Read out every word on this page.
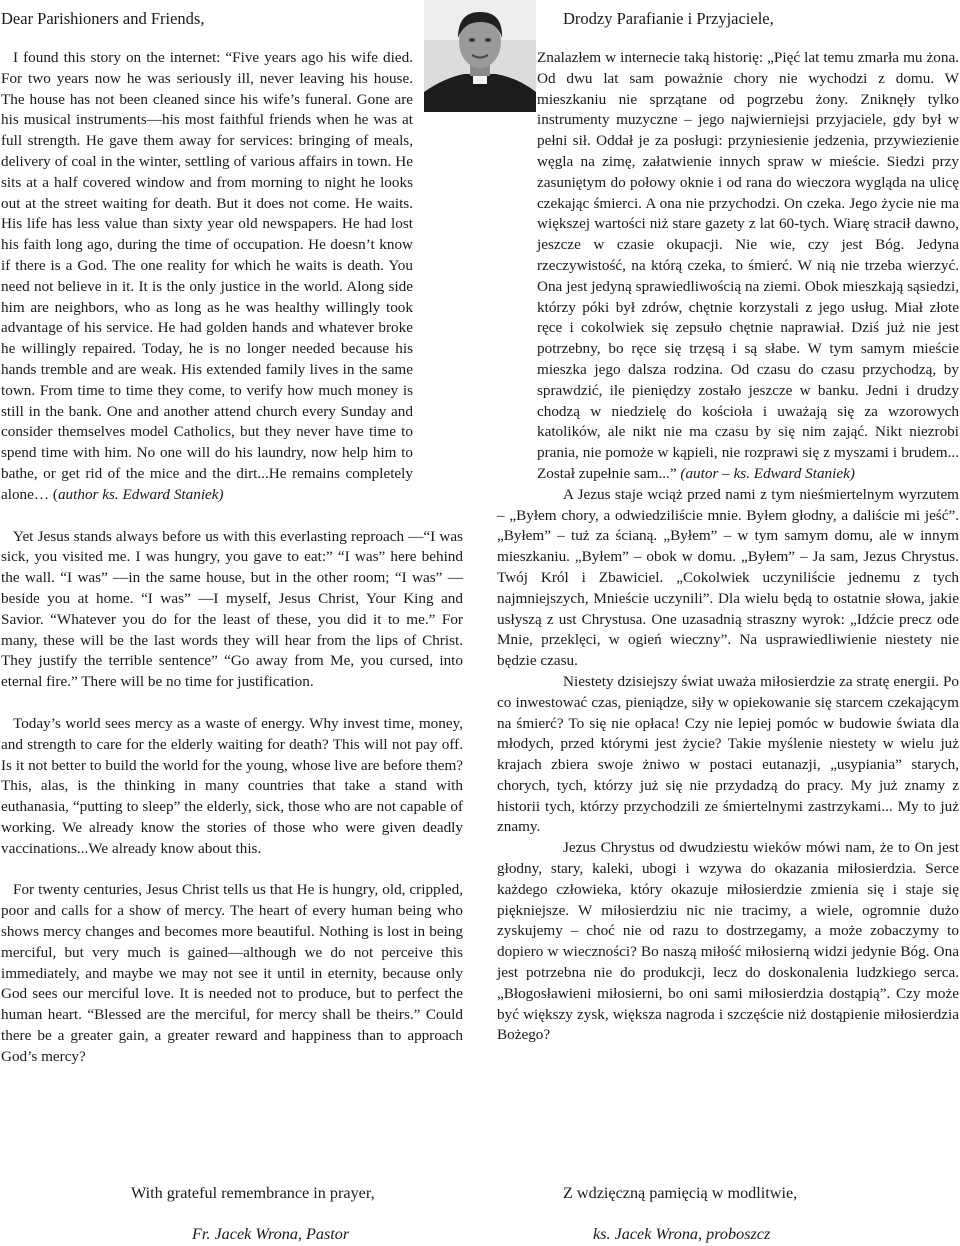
Dear Parishioners and Friends,

I found this story on the internet: “Five years ago his wife died. For two years now he was seriously ill, never leaving his house. The house has not been cleaned since his wife’s funeral. Gone are his musical instruments—his most faithful friends when he was at full strength. He gave them away for services: bringing of meals, delivery of coal in the winter, settling of various affairs in town. He sits at a half covered window and from morning to night he looks out at the street waiting for death. But it does not come. He waits. His life has less value than sixty year old newspapers. He had lost his faith long ago, during the time of occupation. He doesn’t know if there is a God. The one reality for which he waits is death. You need not believe in it. It is the only justice in the world. Along side him are neighbors, who as long as he was healthy willingly took advantage of his service. He had golden hands and whatever broke he willingly repaired. Today, he is no longer needed because his hands tremble and are weak. His extended family lives in the same town. From time to time they come, to verify how much money is still in the bank. One and another attend church every Sunday and consider themselves model Catholics, but they never have time to spend time with him. No one will do his laundry, now help him to bathe, or get rid of the mice and the dirt...He remains completely alone… (author ks. Edward Staniek)

Yet Jesus stands always before us with this everlasting reproach —“I was sick, you visited me. I was hungry, you gave to eat:” “I was” here behind the wall. “I was” —in the same house, but in the other room; “I was” —beside you at home. “I was” —I myself, Jesus Christ, Your King and Savior. “Whatever you do for the least of these, you did it to me.” For many, these will be the last words they will hear from the lips of Christ. They justify the terrible sentence” “Go away from Me, you cursed, into eternal fire.” There will be no time for justification.

Today’s world sees mercy as a waste of energy. Why invest time, money, and strength to care for the elderly waiting for death? This will not pay off. Is it not better to build the world for the young, whose live are before them? This, alas, is the thinking in many countries that take a stand with euthanasia, “putting to sleep” the elderly, sick, those who are not capable of working. We already know the stories of those who were given deadly vaccinations...We already know about this.

For twenty centuries, Jesus Christ tells us that He is hungry, old, crippled, poor and calls for a show of mercy. The heart of every human being who shows mercy changes and becomes more beautiful. Nothing is lost in being merciful, but very much is gained—although we do not perceive this immediately, and maybe we may not see it until in eternity, because only God sees our merciful love. It is needed not to produce, but to perfect the human heart. “Blessed are the merciful, for mercy shall be theirs.” Could there be a greater gain, a greater reward and happiness than to approach God’s mercy?

With grateful remembrance in prayer,
Fr. Jacek Wrona, Pastor
Drodzy Parafianie i Przyjaciele,

Znalazłem w internecie taką historię: „Pięć lat temu zmarła mu żona. Od dwu lat sam poważnie chory nie wychodzi z domu. W mieszkaniu nie sprzątane od pogrzebu żony. Zniknęły tylko instrumenty muzyczne – jego najwierniejsi przyjaciele, gdy był w pełni sił. Oddał je za posługi: przyniesienie jedzenia, przywiezienie węgla na zimę, załatwienie innych spraw w mieście. Siedzi przy zasuniętym do połowy oknie i od rana do wieczora wygląda na ulicę czekając śmierci. A ona nie przychodzi. On czeka. Jego życie nie ma większej wartości niż stare gazety z lat 60-tych. Wiarę stracił dawno, jeszcze w czasie okupacji. Nie wie, czy jest Bóg. Jedyna rzeczywistość, na którą czeka, to śmierć. W nią nie trzeba wierzyć. Ona jest jedyną sprawiedliwością na ziemi. Obok mieszkają sąsiedzi, którzy póki był zdrów, chętnie korzystali z jego usług. Miał złote ręce i cokolwiek się zepsuło chętnie naprawiał. Dziś już nie jest potrzebny, bo ręce się trzęsą i są słabe. W tym samym mieście mieszka jego dalsza rodzina. Od czasu do czasu przychodzą, by sprawdzić, ile pieniędzy zostało jeszcze w banku. Jedni i drudzy chodzą w niedzielę do kościoła i uważają się za wzorowych katolików, ale nikt nie ma czasu by się nim zająć. Nikt niezrobi prania, nie pomoże w kąpieli, nie rozprawi się z myszami i brudem... Został zupełnie sam...” (autor – ks. Edward Staniek)

A Jezus staje wciąż przed nami z tym nieśmiertelnym wyrzutem – „Byłem chory, a odwiedziliście mnie. Byłem głodny, a daliście mi jeść”. „Byłem” – tuż za ścianą. „Byłem” – w tym samym domu, ale w innym mieszkaniu. „Byłem” – obok w domu. „Byłem” – Ja sam, Jezus Chrystus. Twój Król i Zbawiciel. „Cokolwiek uczyniliście jednemu z tych najmniejszych, Mnieście uczynili”. Dla wielu będą to ostatnie słowa, jakie usłyszą z ust Chrystusa. One uzasadnią straszny wyrok: „Idźcie precz ode Mnie, przeklęci, w ogień wieczny”. Na usprawiedliwienie niestety nie będzie czasu.

Niestety dzisiejszy świat uważa miłosierdzie za stratę energii. Po co inwestować czas, pieniądze, siły w opiekowanie się starcem czekającym na śmierć? To się nie opłaca! Czy nie lepiej pomóc w budowie świata dla młodych, przed którymi jest życie? Takie myślenie niestety w wielu już krajach zbiera swoje żniwo w postaci eutanazji, „usypiania” starych, chorych, tych, którzy już się nie przydadzą do pracy. My już znamy z historii tych, którzy przychodzili ze śmiertelnymi zastrzykami... My to już znamy.

Jezus Chrystus od dwudziestu wieków mówi nam, że to On jest głodny, stary, kaleki, ubogi i wzywa do okazania miłosierdzia. Serce każdego człowieka, który okazuje miłosierdzie zmienia się i staje się piękniejsze. W miłosierdziu nic nie tracimy, a wiele, ogromnie dużo zyskujemy – choć nie od razu to dostrzegamy, a może zobaczymy to dopiero w wieczności? Bo naszą miłość miłosierną widzi jedynie Bóg. Ona jest potrzebna nie do produkcji, lecz do doskonalenia ludzkiego serca. „Błogosławieni miłosierni, bo oni sami miłosierdzia dostąpią”. Czy może być większy zysk, większa nagroda i szczęście niż dostąpienie miłosierdzia Bożego?

Z wdzięczną pamięcią w modlitwie,
ks. Jacek Wrona, proboszcz
